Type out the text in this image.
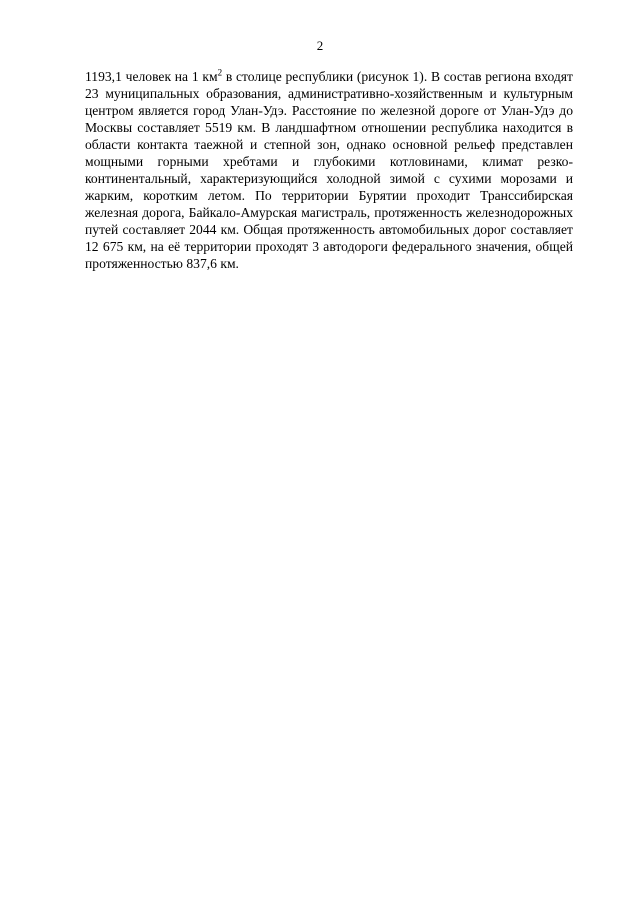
2

1193,1 человек на 1 $км^2$ в столице республики (рисунок 1). В состав региона входят 23 муниципальных образования, административно-хозяйственным и культурным центром является город Улан-Удэ. Расстояние по железной дороге от Улан-Удэ до Москвы составляет 5519 км. В ландшафтном отношении республика находится в области контакта таежной и степной зон, однако основной рельеф представлен мощными горными хребтами и глубокими котловинами, климат резко-континентальный, характеризующийся холодной зимой с сухими морозами и жарким, коротким летом. По территории Бурятии проходит Транссибирская железная дорога, Байкало-Амурская магистраль, протяженность железнодорожных путей составляет 2044 км. Общая протяженность автомобильных дорог составляет 12 675 км, на её территории проходят 3 автодороги федерального значения, общей протяженностью 837,6 км.
